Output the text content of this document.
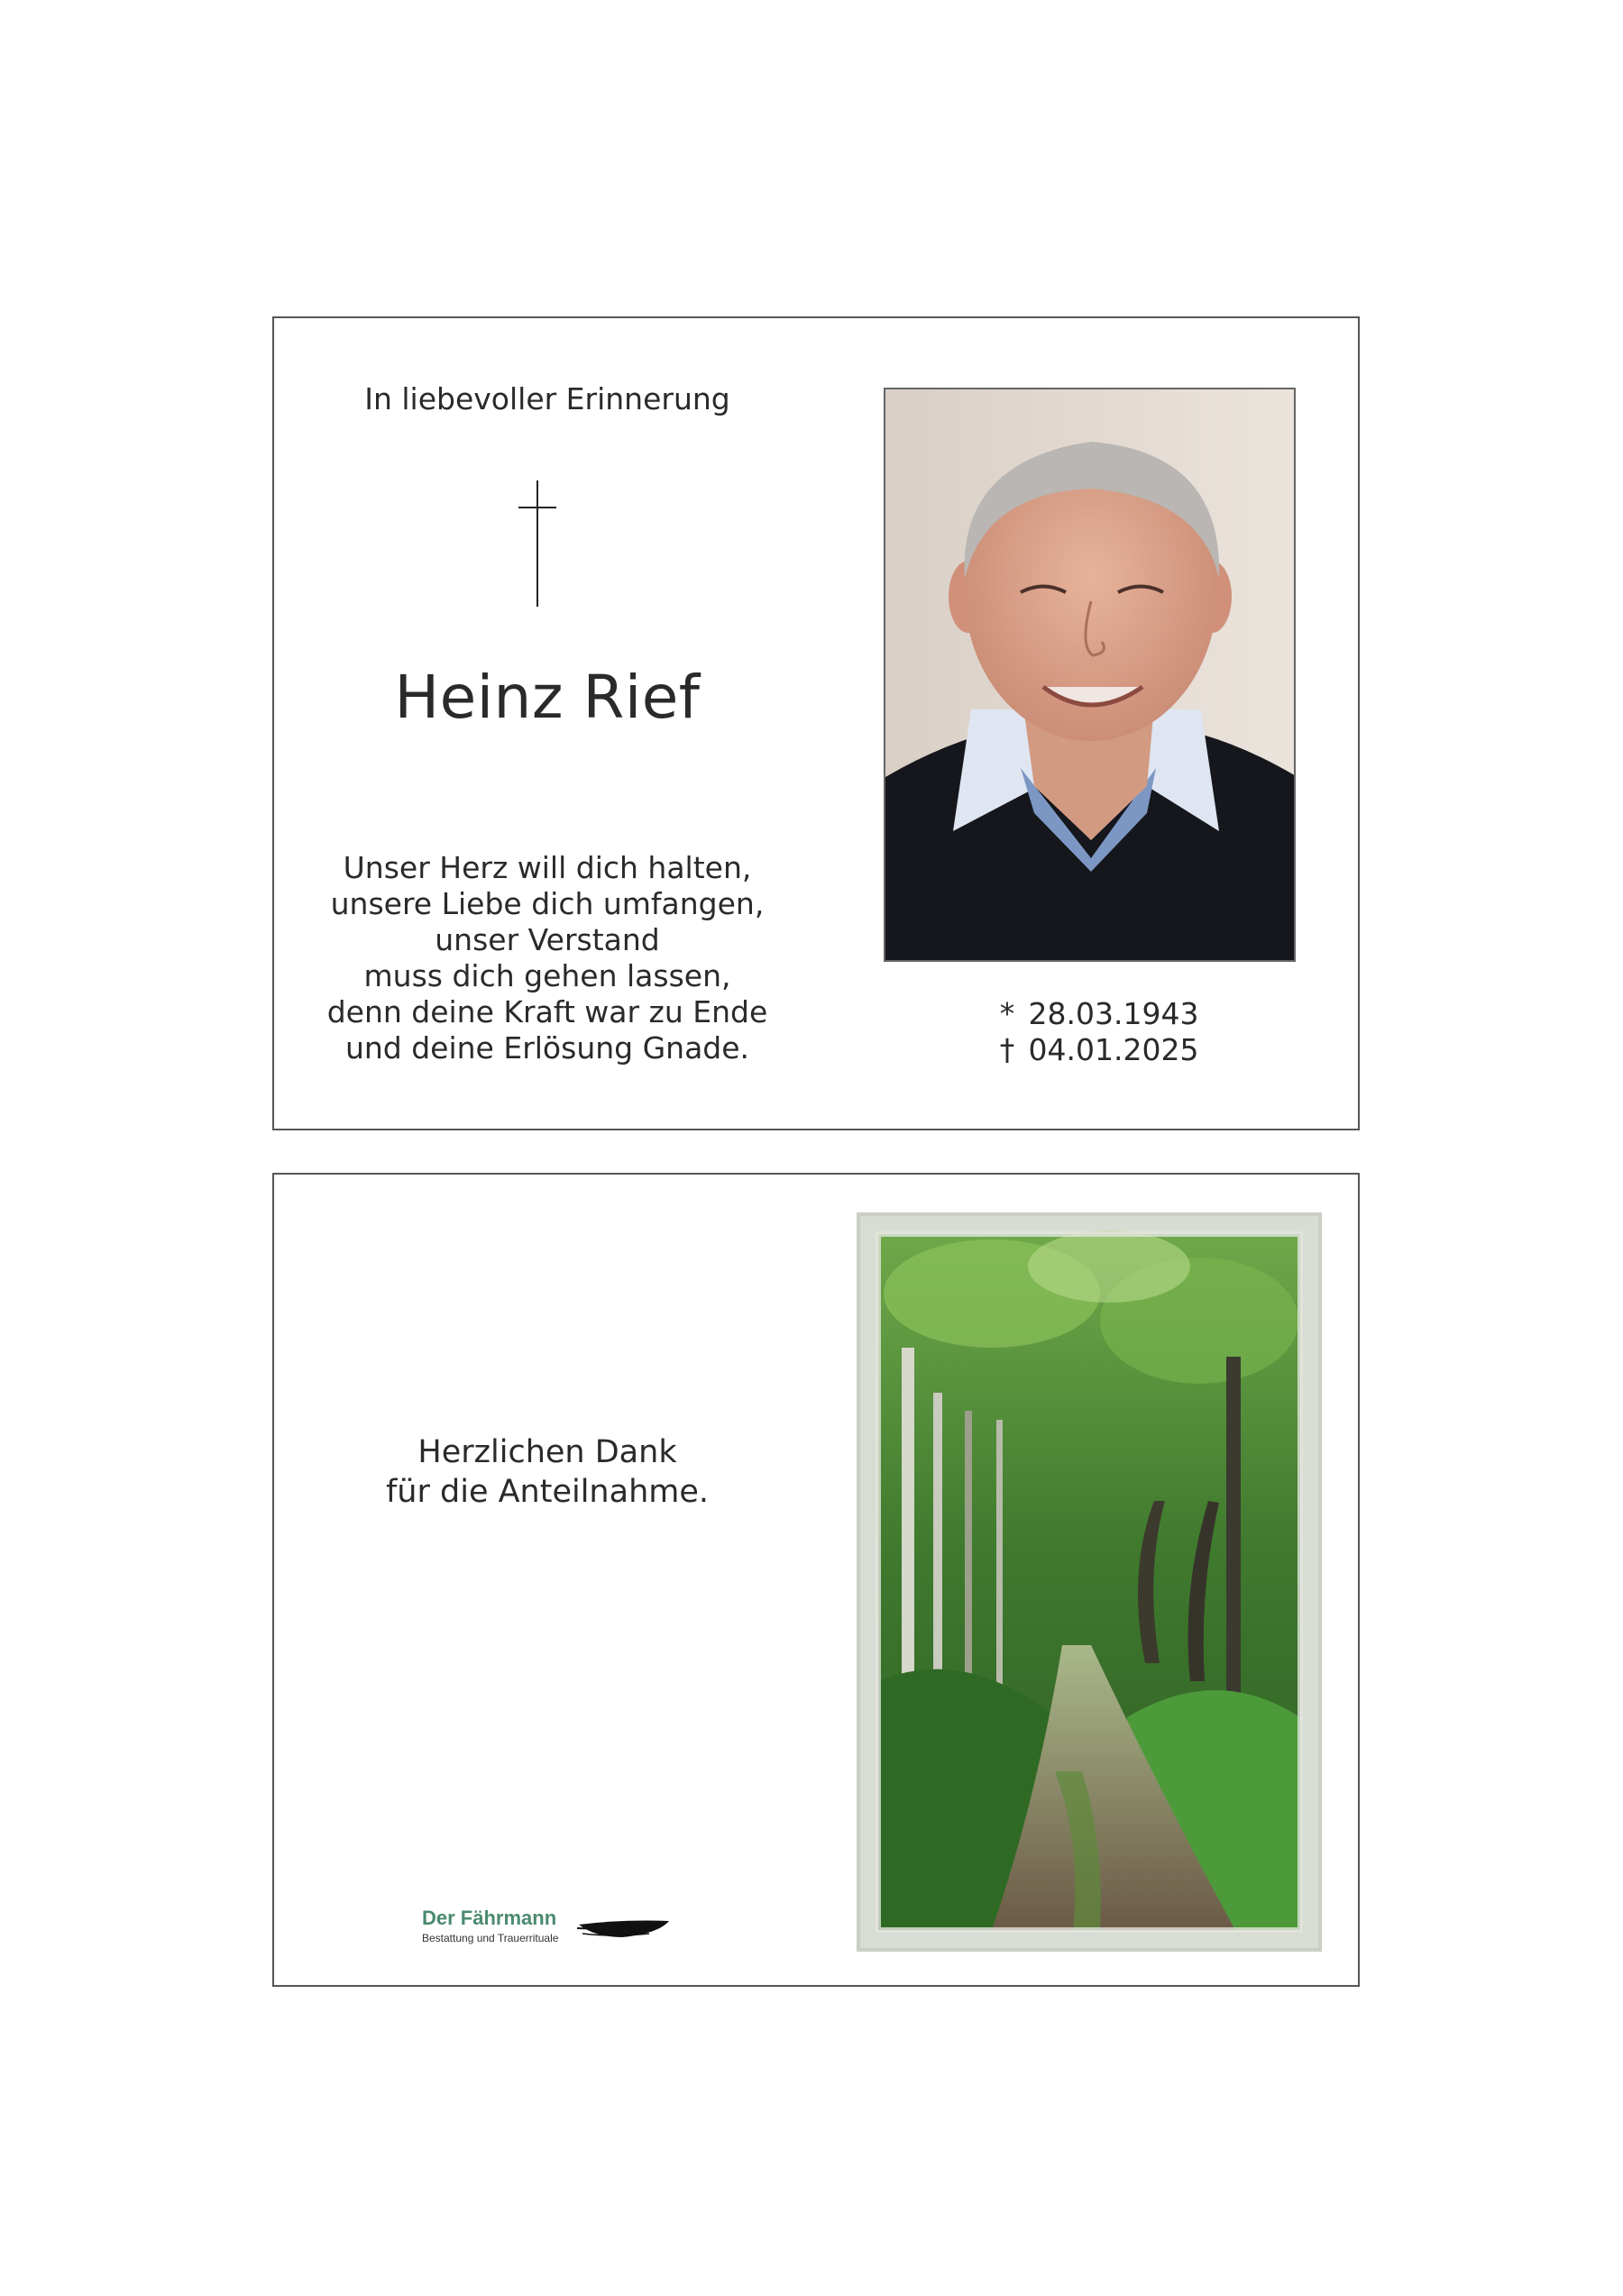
In liebevoller Erinnerung
Heinz Rief
Unser Herz will dich halten,
unsere Liebe dich umfangen,
unser Verstand
muss dich gehen lassen,
denn deine Kraft war zu Ende
und deine Erlösung Gnade.
* 28.03.1943
† 04.01.2025
Herzlichen Dank
für die Anteilnahme.
Der Fährmann
Bestattung und Trauerrituale
